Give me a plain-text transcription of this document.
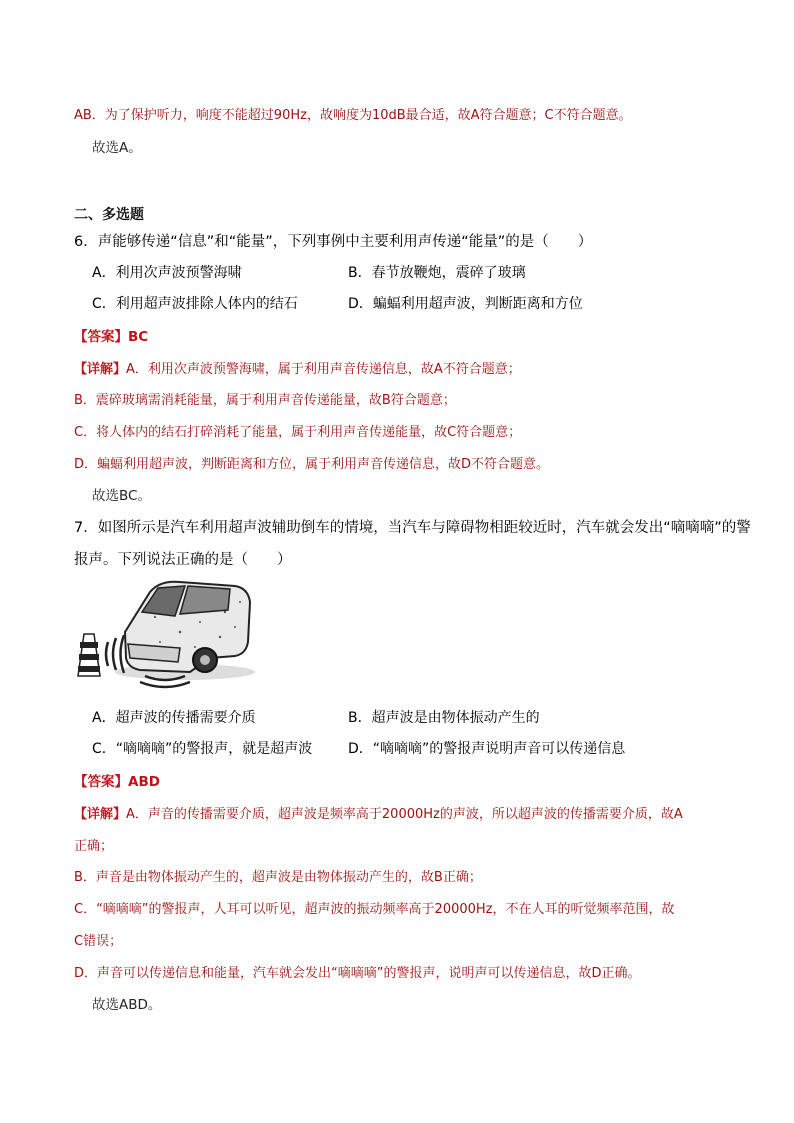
AB．为了保护听力，响度不能超过90Hz，故响度为10dB最合适，故A符合题意；C不符合题意。
故选A。
二、多选题
6．声能够传递“信息”和“能量”，下列事例中主要利用声传递“能量”的是（　　）
A．利用次声波预警海啸	B．春节放鞭炮，震碎了玻璃
C．利用超声波排除人体内的结石	D．蝙蝠利用超声波，判断距离和方位
【答案】BC
【详解】A．利用次声波预警海啸，属于利用声音传递信息，故A不符合题意；
B．震碎玻璃需消耗能量，属于利用声音传递能量，故B符合题意；
C．将人体内的结石打碎消耗了能量，属于利用声音传递能量，故C符合题意；
D．蝙蝠利用超声波，判断距离和方位，属于利用声音传递信息，故D不符合题意。
故选BC。
7．如图所示是汽车利用超声波辅助倒车的情境，当汽车与障碍物相距较近时，汽车就会发出“嘀嘀嘀”的警
报声。下列说法正确的是（　　）
A．超声波的传播需要介质	B．超声波是由物体振动产生的
C．“嘀嘀嘀”的警报声，就是超声波	D．“嘀嘀嘀”的警报声说明声音可以传递信息
【答案】ABD
【详解】A．声音的传播需要介质，超声波是频率高于20000Hz的声波，所以超声波的传播需要介质，故A
正确；
B．声音是由物体振动产生的，超声波是由物体振动产生的，故B正确；
C．“嘀嘀嘀”的警报声，人耳可以听见，超声波的振动频率高于20000Hz，不在人耳的听觉频率范围，故
C错误；
D．声音可以传递信息和能量，汽车就会发出“嘀嘀嘀”的警报声，说明声可以传递信息，故D正确。
故选ABD。
